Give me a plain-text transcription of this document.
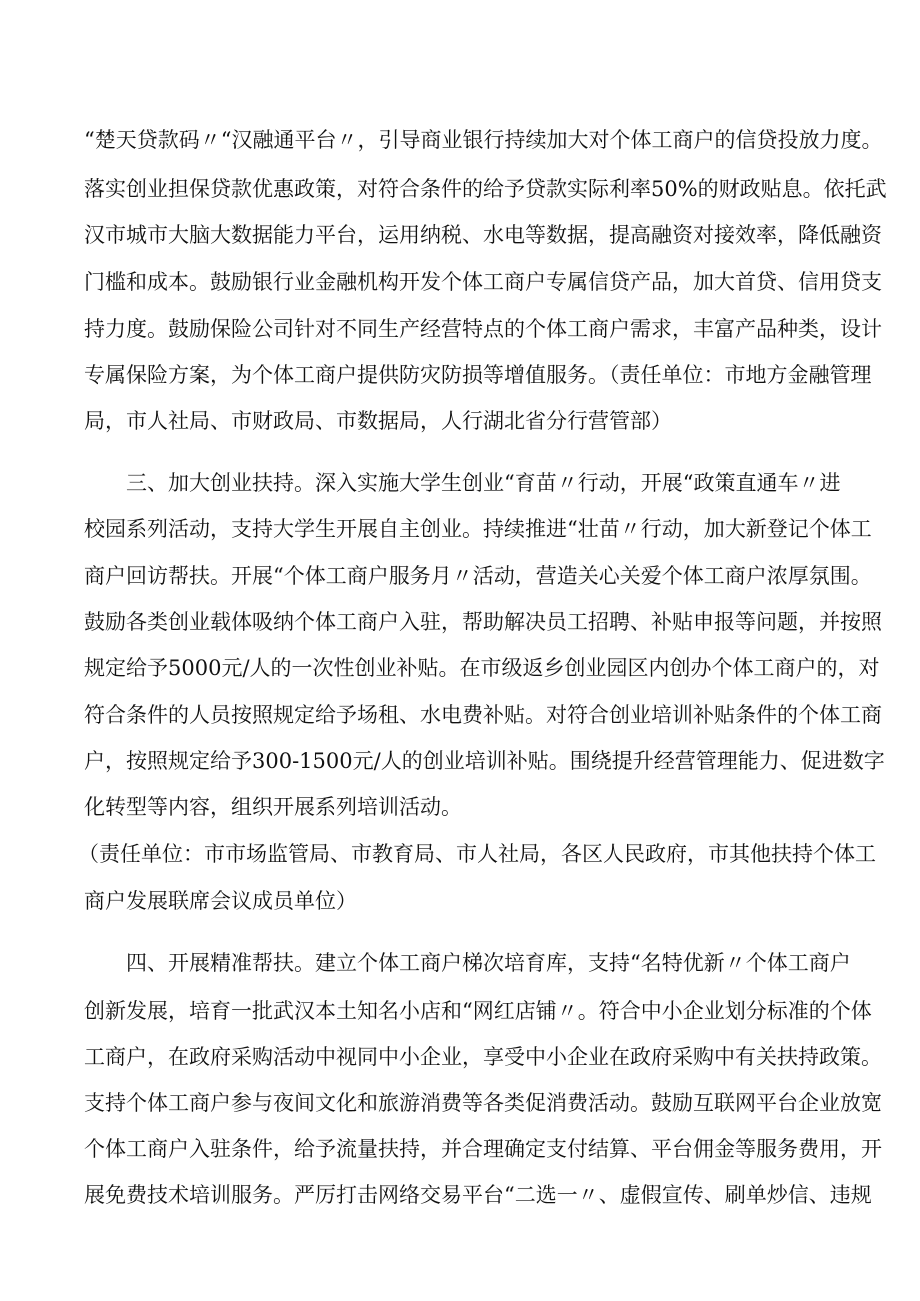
“楚天贷款码〃“汉融通平台〃，引导商业银行持续加大对个体工商户的信贷投放力度。
落实创业担保贷款优惠政策，对符合条件的给予贷款实际利率50%的财政贴息。依托武
汉市城市大脑大数据能力平台，运用纳税、水电等数据，提高融资对接效率，降低融资
门槛和成本。鼓励银行业金融机构开发个体工商户专属信贷产品，加大首贷、信用贷支
持力度。鼓励保险公司针对不同生产经营特点的个体工商户需求，丰富产品种类，设计
专属保险方案，为个体工商户提供防灾防损等增值服务。（责任单位：市地方金融管理
局，市人社局、市财政局、市数据局，人行湖北省分行营管部）
三、加大创业扶持。深入实施大学生创业“育苗〃行动，开展“政策直通车〃进
校园系列活动，支持大学生开展自主创业。持续推进“壮苗〃行动，加大新登记个体工
商户回访帮扶。开展“个体工商户服务月〃活动，营造关心关爱个体工商户浓厚氛围。
鼓励各类创业载体吸纳个体工商户入驻，帮助解决员工招聘、补贴申报等问题，并按照
规定给予5000元/人的一次性创业补贴。在市级返乡创业园区内创办个体工商户的，对
符合条件的人员按照规定给予场租、水电费补贴。对符合创业培训补贴条件的个体工商
户，按照规定给予300-1500元/人的创业培训补贴。围绕提升经营管理能力、促进数字
化转型等内容，组织开展系列培训活动。
（责任单位：市市场监管局、市教育局、市人社局，各区人民政府，市其他扶持个体工
商户发展联席会议成员单位）
四、开展精准帮扶。建立个体工商户梯次培育库，支持“名特优新〃个体工商户
创新发展，培育一批武汉本土知名小店和“网红店铺〃。符合中小企业划分标准的个体
工商户，在政府采购活动中视同中小企业，享受中小企业在政府采购中有关扶持政策。
支持个体工商户参与夜间文化和旅游消费等各类促消费活动。鼓励互联网平台企业放宽
个体工商户入驻条件，给予流量扶持，并合理确定支付结算、平台佣金等服务费用，开
展免费技术培训服务。严厉打击网络交易平台“二选一〃、虚假宣传、刷单炒信、违规
